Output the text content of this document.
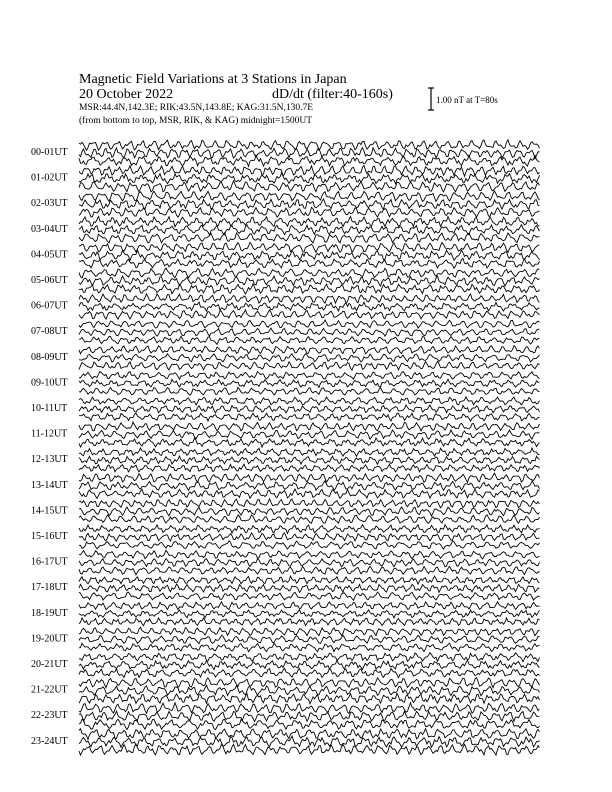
Magnetic Field Variations at 3 Stations in Japan
20 October 2022	dD/dt (filter:40-160s)
MSR:44.4N,142.3E; RIK:43.5N,143.8E; KAG:31.5N,130.7E
(from bottom to top, MSR, RIK, & KAG) midnight=1500UT
1.00 nT at T=80s
00-01UT
01-02UT
02-03UT
03-04UT
04-05UT
05-06UT
06-07UT
07-08UT
08-09UT
09-10UT
10-11UT
11-12UT
12-13UT
13-14UT
14-15UT
15-16UT
16-17UT
17-18UT
18-19UT
19-20UT
20-21UT
21-22UT
22-23UT
23-24UT
